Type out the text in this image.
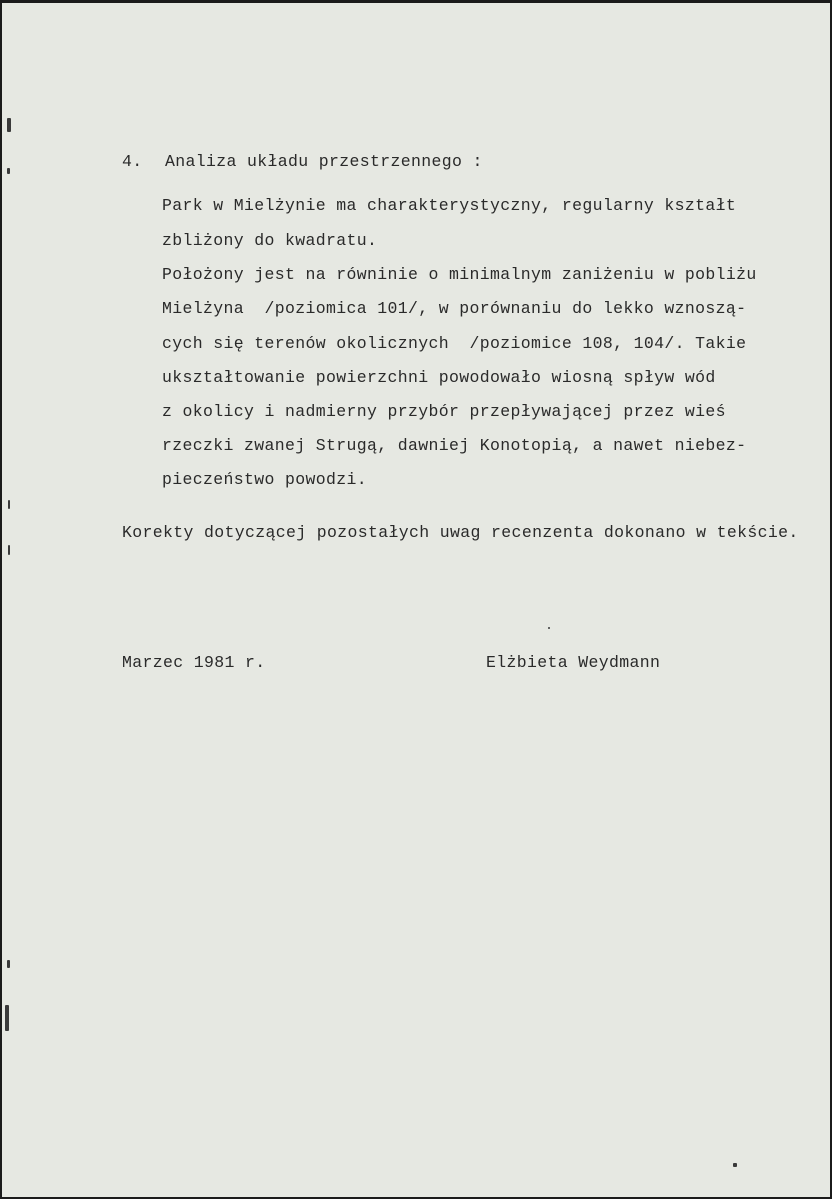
4. Analiza układu przestrzennego :
Park w Mielżynie ma charakterystyczny, regularny kształt
zbliżony do kwadratu.
Położony jest na równinie o minimalnym zaniżeniu w pobliżu
Mielżyna  /poziomica 101/, w porównaniu do lekko wznoszą-
cych się terenów okolicznych  /poziomice 108, 104/. Takie
ukształtowanie powierzchni powodowało wiosną spływ wód
z okolicy i nadmierny przybór przepływającej przez wieś
rzeczki zwanej Strugą, dawniej Konotopią, a nawet niebez-
pieczeństwo powodzi.
Korekty dotyczącej pozostałych uwag recenzenta dokonano w tekście.
Marzec 1981 r.	Elżbieta Weydmann
